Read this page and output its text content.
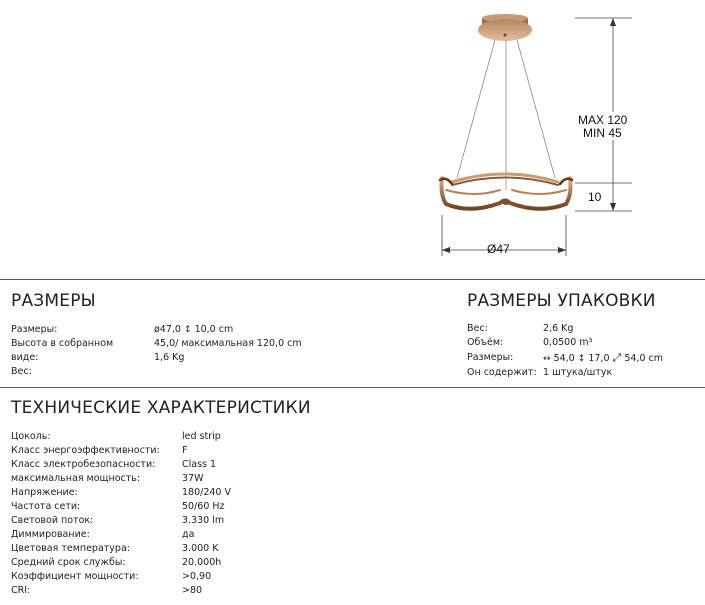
MAX 120
MIN 45
10
Ø47
РАЗМЕРЫ
Размеры:	ø47,0 ↕ 10,0 cm
Высота в собранном	45,0/ максимальная 120,0 cm
виде:	1,6 Kg
Вес:
РАЗМЕРЫ УПАКОВКИ
Вес:	2,6 Kg
Объём:	0,0500 m³
Размеры:	↔ 54,0 ↕ 17,0 ⤢ 54,0 cm
Он содержит: 1 штука/штук
ТЕХНИЧЕСКИЕ ХАРАКТЕРИСТИКИ
Цоколь:	led strip
Класс энергоэффективности: F
Класс электробезопасности:	Class 1
максимальная мощность:	37W
Напряжение:	180/240 V
Частота сети:	50/60 Hz
Световой поток:	3.330 lm
Диммирование:	да
Цветовая температура:	3.000 K
Средний срок службы:	20.000h
Коэффициент мощности:	>0,90
CRI:	>80
